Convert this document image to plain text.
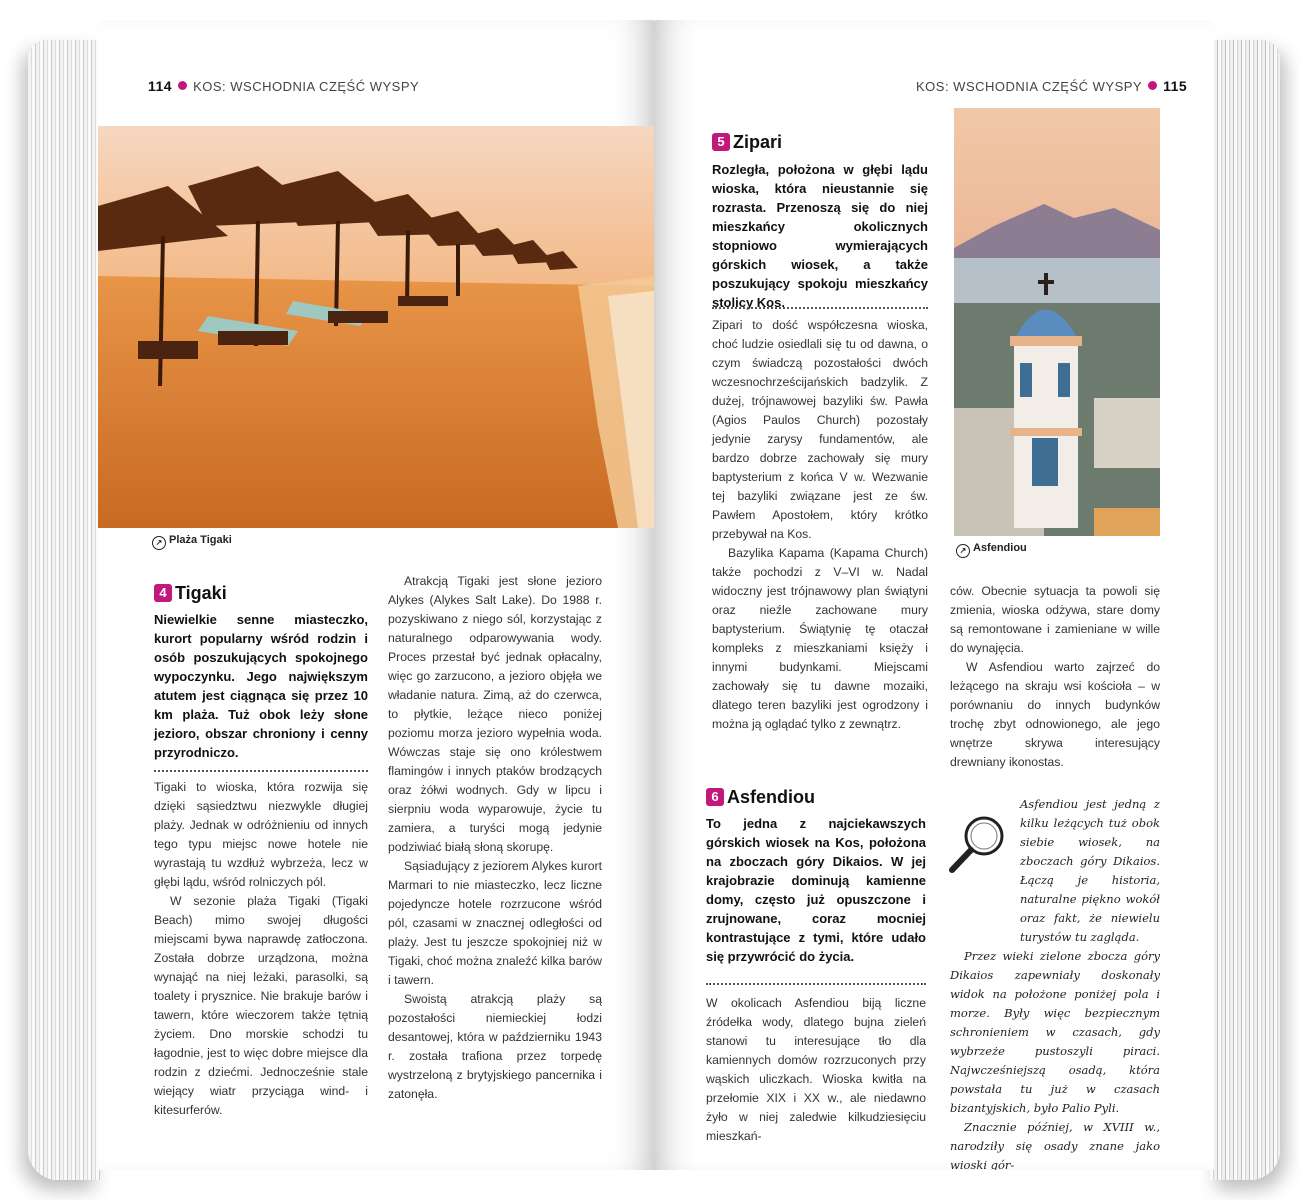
114 KOS: WSCHODNIA CZĘŚĆ WYSPY
↗ Plaża Tigaki
4 Tigaki
Niewielkie senne miasteczko, kurort popularny wśród rodzin i osób poszukujących spokojnego wypoczynku. Jego największym atutem jest ciągnąca się przez 10 km plaża. Tuż obok leży słone jezioro, obszar chroniony i cenny przyrodniczo.

Tigaki to wioska, która rozwija się dzięki sąsiedztwu niezwykle długiej plaży. Jednak w odróżnieniu od innych tego typu miejsc nowe hotele nie wyrastają tu wzdłuż wybrzeża, lecz w głębi lądu, wśród rolniczych pól.

W sezonie plaża Tigaki (Tigaki Beach) mimo swojej długości miejscami bywa naprawdę zatłoczona. Została dobrze urządzona, można wynająć na niej leżaki, parasolki, są toalety i prysznice. Nie brakuje barów i tawern, które wieczorem także tętnią życiem. Dno morskie schodzi tu łagodnie, jest to więc dobre miejsce dla rodzin z dziećmi. Jednocześnie stale wiejący wiatr przyciąga wind- i kitesurferów.

Atrakcją Tigaki jest słone jezioro Alykes (Alykes Salt Lake). Do 1988 r. pozyskiwano z niego sól, korzystając z naturalnego odparowywania wody. Proces przestał być jednak opłacalny, więc go zarzucono, a jezioro objęła we władanie natura. Zimą, aż do czerwca, to płytkie, leżące nieco poniżej poziomu morza jezioro wypełnia woda. Wówczas staje się ono królestwem flamingów i innych ptaków brodzących oraz żółwi wodnych. Gdy w lipcu i sierpniu woda wyparowuje, życie tu zamiera, a turyści mogą jedynie podziwiać białą słoną skorupę.

Sąsiadujący z jeziorem Alykes kurort Marmari to nie miasteczko, lecz liczne pojedyncze hotele rozrzucone wśród pól, czasami w znacznej odległości od plaży. Jest tu jeszcze spokojniej niż w Tigaki, choć można znaleźć kilka barów i tawern.

Swoistą atrakcją plaży są pozostałości niemieckiej łodzi desantowej, która w październiku 1943 r. została trafiona przez torpedę wystrzeloną z brytyjskiego pancernika i zatonęła.

KOS: WSCHODNIA CZĘŚĆ WYSPY 115
5 Zipari
Rozległa, położona w głębi lądu wioska, która nieustannie się rozrasta. Przenoszą się do niej mieszkańcy okolicznych stopniowo wymierających górskich wiosek, a także poszukujący spokoju mieszkańcy stolicy Kos.

Zipari to dość współczesna wioska, choć ludzie osiedlali się tu od dawna, o czym świadczą pozostałości dwóch wczesnochrześcijańskich badzylik. Z dużej, trójnawowej bazyliki św. Pawła (Agios Paulos Church) pozostały jedynie zarysy fundamentów, ale bardzo dobrze zachowały się mury baptysterium z końca V w. Wezwanie tej bazyliki związane jest ze św. Pawłem Apostołem, który krótko przebywał na Kos.

Bazylika Kapama (Kapama Church) także pochodzi z V–VI w. Nadal widoczny jest trójnawowy plan świątyni oraz nieźle zachowane mury baptysterium. Świątynię tę otaczał kompleks z mieszkaniami księży i innymi budynkami. Miejscami zachowały się tu dawne mozaiki, dlatego teren bazyliki jest ogrodzony i można ją oglądać tylko z zewnątrz.

↗ Asfendiou
6 Asfendiou
To jedna z najciekawszych górskich wiosek na Kos, położona na zboczach góry Dikaios. W jej krajobrazie dominują kamienne domy, często już opuszczone i zrujnowane, coraz mocniej kontrastujące z tymi, które udało się przywrócić do życia.

W okolicach Asfendiou biją liczne źródełka wody, dlatego bujna zieleń stanowi tu interesujące tło dla kamiennych domów rozrzuconych przy wąskich uliczkach. Wioska kwitła na przełomie XIX i XX w., ale niedawno żyło w niej zaledwie kilkudziesięciu mieszkań-

ców. Obecnie sytuacja ta powoli się zmienia, wioska odżywa, stare domy są remontowane i zamieniane w wille do wynajęcia.

W Asfendiou warto zajrzeć do leżącego na skraju wsi kościoła – w porównaniu do innych budynków trochę zbyt odnowionego, ale jego wnętrze skrywa interesujący drewniany ikonostas.

Asfendiou jest jedną z kilku leżących tuż obok siebie wiosek, na zboczach góry Dikaios. Łączą je historia, naturalne piękno wokół oraz fakt, że niewielu turystów tu zagląda.

Przez wieki zielone zbocza góry Dikaios zapewniały doskonały widok na położone poniżej pola i morze. Były więc bezpiecznym schronieniem w czasach, gdy wybrzeże pustoszyli piraci. Najwcześniejszą osadą, która powstała tu już w czasach bizantyjskich, było Palio Pyli.

Znacznie później, w XVIII w., narodziły się osady znane jako wioski gór-
